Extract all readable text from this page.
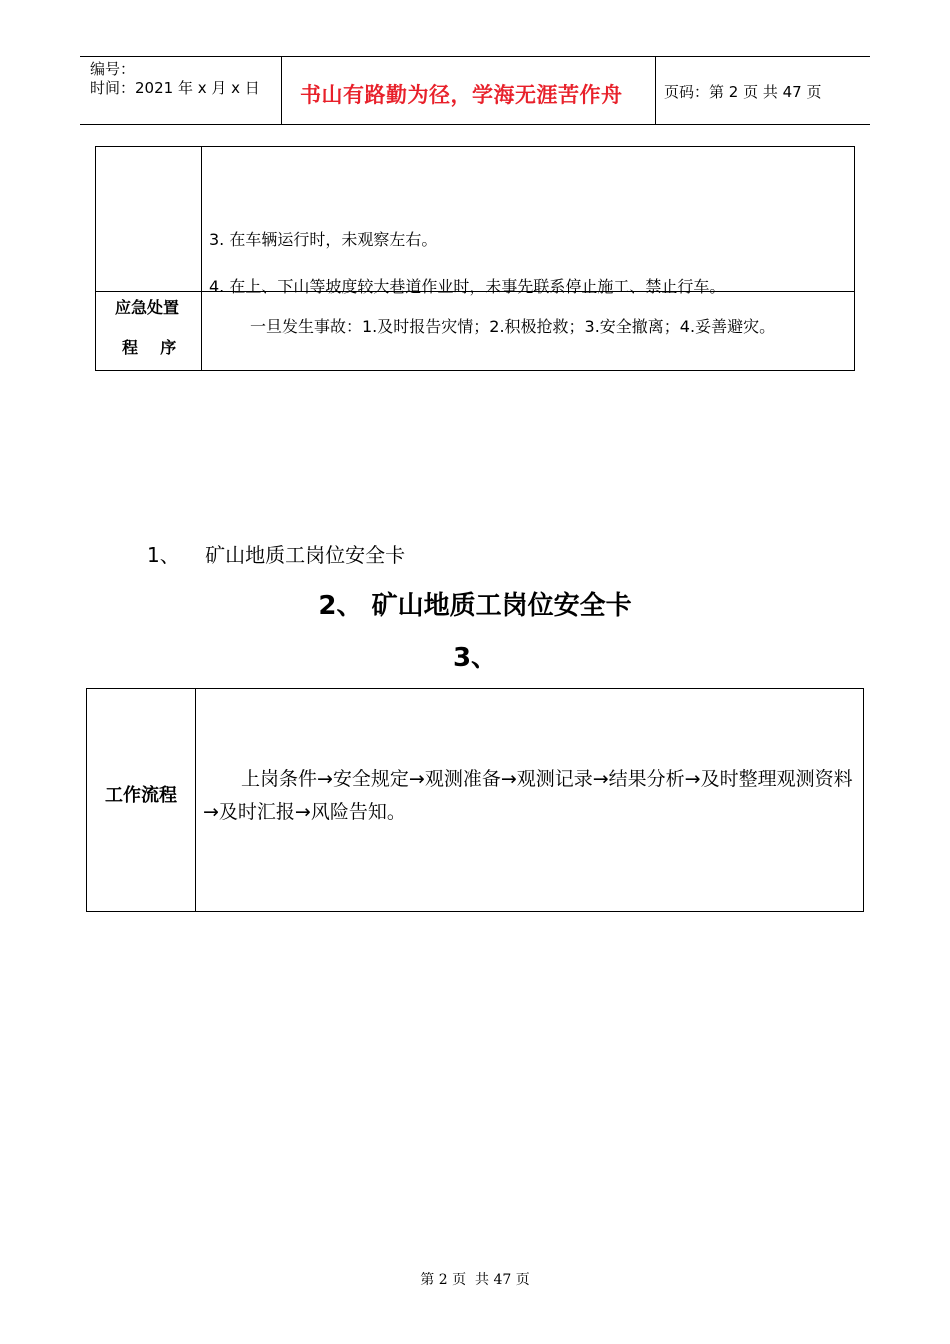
编号：
时间：2021 年 x 月 x 日 书山有路勤为径，学海无涯苦作舟	页码：第 2 页 共 47 页
3. 在车辆运行时，未观察左右。
4. 在上、下山等坡度较大巷道作业时，未事先联系停止施工、禁止行车。
应急处置
程    序
一旦发生事故：1.及时报告灾情；2.积极抢救；3.安全撤离；4.妥善避灾。
1、    矿山地质工岗位安全卡
2、 矿山地质工岗位安全卡
3、
工作流程
上岗条件→安全规定→观测准备→观测记录→结果分析→及时整理观测资料→及时汇报→风险告知。
第 2 页  共 47 页
